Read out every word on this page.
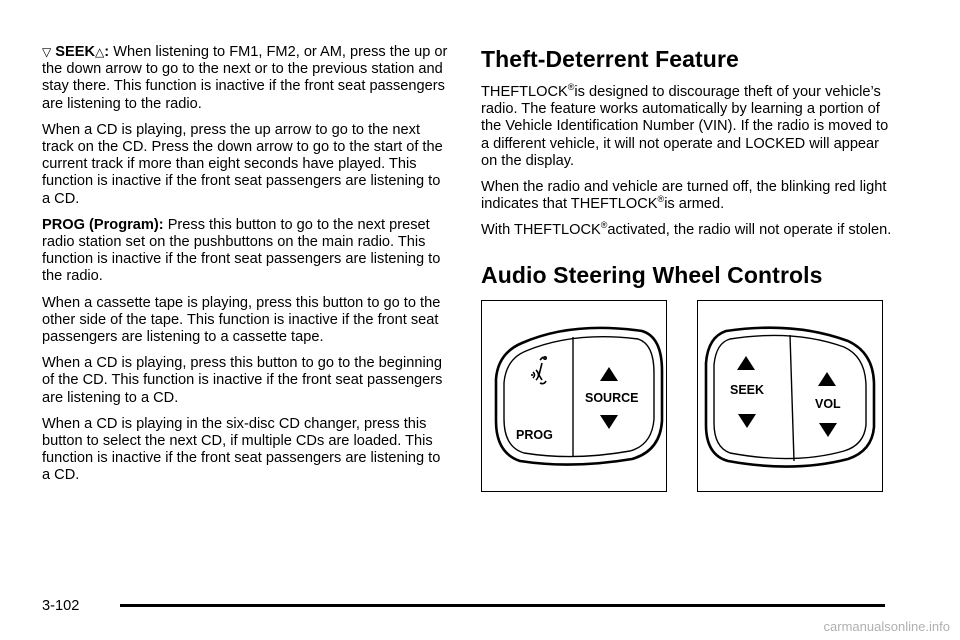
▽ SEEK△: When listening to FM1, FM2, or AM, press the up or the down arrow to go to the next or to the previous station and stay there. This function is inactive if the front seat passengers are listening to the radio.

When a CD is playing, press the up arrow to go to the next track on the CD. Press the down arrow to go to the start of the current track if more than eight seconds have played. This function is inactive if the front seat passengers are listening to a CD.

PROG (Program): Press this button to go to the next preset radio station set on the pushbuttons on the main radio. This function is inactive if the front seat passengers are listening to the radio.

When a cassette tape is playing, press this button to go to the other side of the tape. This function is inactive if the front seat passengers are listening to a cassette tape.

When a CD is playing, press this button to go to the beginning of the CD. This function is inactive if the front seat passengers are listening to a CD.

When a CD is playing in the six-disc CD changer, press this button to select the next CD, if multiple CDs are loaded. This function is inactive if the front seat passengers are listening to a CD.

Theft-Deterrent Feature

THEFTLOCK®is designed to discourage theft of your vehicle’s radio. The feature works automatically by learning a portion of the Vehicle Identification Number (VIN). If the radio is moved to a different vehicle, it will not operate and LOCKED will appear on the display.

When the radio and vehicle are turned off, the blinking red light indicates that THEFTLOCK®is armed.

With THEFTLOCK®activated, the radio will not operate if stolen.

Audio Steering Wheel Controls
PROG
SOURCE
SEEK
VOL
3-102
carmanualsonline.info
